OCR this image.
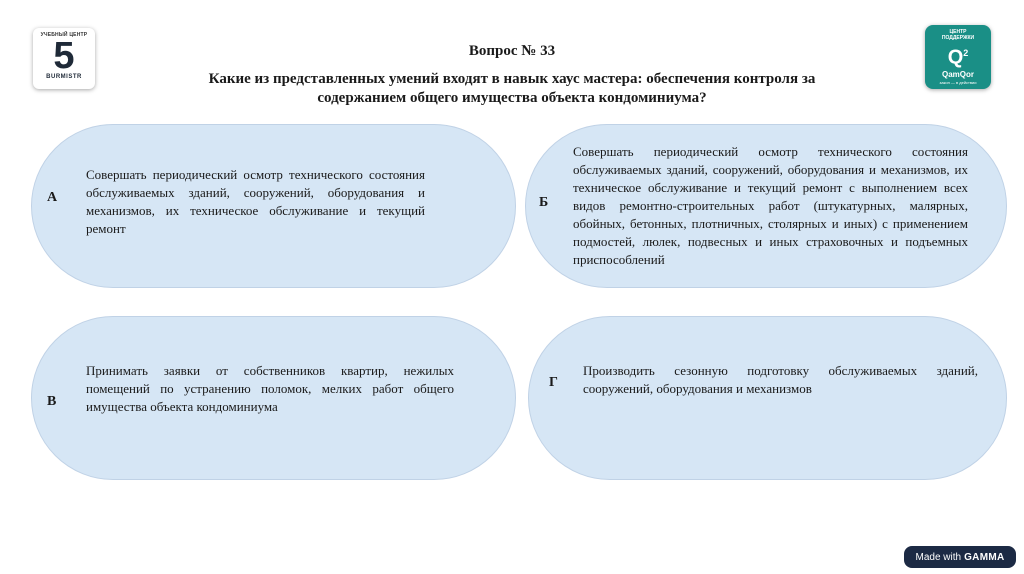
УЧЕБНЫЙ ЦЕНТР
5
BURMISTR
ЦЕНТР
ПОДДЕРЖКИ
$Q^2$
QamQor
закон — в действии
Вопрос № 33
Какие из представленных умений входят в навык хаус мастера: обеспечения контроля за содержанием общего имущества объекта кондоминиума?
А
Совершать периодический осмотр технического состояния обслуживаемых зданий, сооружений, оборудования и механизмов, их техническое обслуживание и текущий ремонт
Б
Совершать периодический осмотр технического состояния обслуживаемых зданий, сооружений, оборудования и механизмов, их техническое обслуживание и текущий ремонт с выполнением всех видов ремонтно-строительных работ (штукатурных, малярных, обойных, бетонных, плотничных, столярных и иных) с применением подмостей, люлек, подвесных и иных страховочных и подъемных приспособлений
В
Принимать заявки от собственников квартир, нежилых помещений по устранению поломок, мелких работ общего имущества объекта кондоминиума
Г
Производить сезонную подготовку обслуживаемых зданий, сооружений, оборудования и механизмов
Made with GAMMA
